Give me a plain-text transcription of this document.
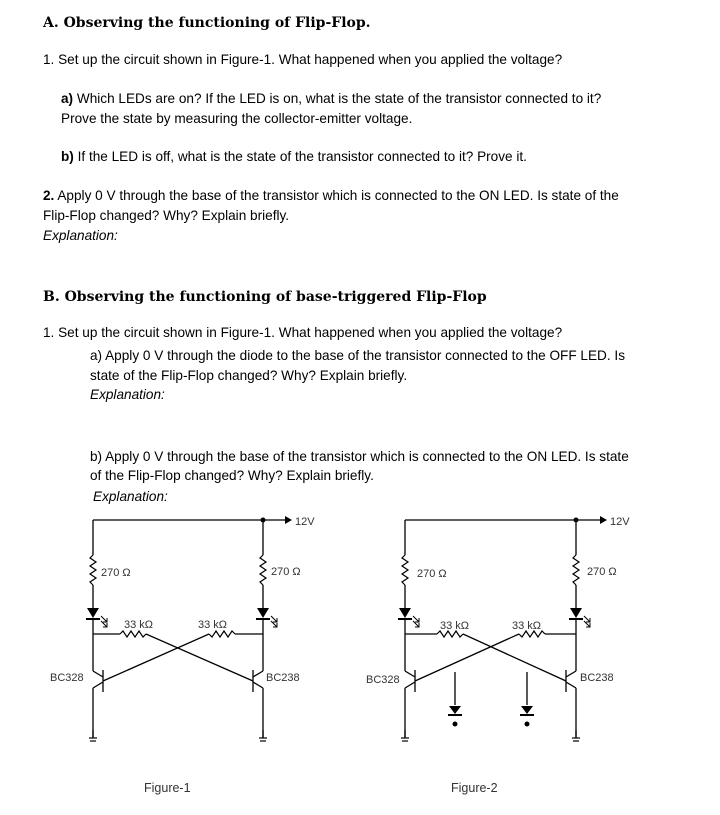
A. Observing the functioning of Flip-Flop.
1. Set up the circuit shown in Figure-1. What happened when you applied the voltage?
a) Which LEDs are on? If the LED is on, what is the state of the transistor connected to it?
Prove the state by measuring the collector-emitter voltage.
b) If the LED is off, what is the state of the transistor connected to it? Prove it.
2. Apply 0 V through the base of the transistor which is connected to the ON LED. Is state of the
Flip-Flop changed? Why? Explain briefly.
Explanation:
B. Observing the functioning of base-triggered Flip-Flop
1. Set up the circuit shown in Figure-1. What happened when you applied the voltage?
a) Apply 0 V through the diode to the base of the transistor connected to the OFF LED. Is
state of the Flip-Flop changed? Why? Explain briefly.
Explanation:
b) Apply 0 V through the base of the transistor which is connected to the ON LED. Is state
of the Flip-Flop changed? Why? Explain briefly.
Explanation:
12V
270 Ω	270 Ω
33 kΩ	33 kΩ
BC328	BC238
Figure-1
12V
270 Ω	270 Ω
33 kΩ	33 kΩ
BC328	BC238
Figure-2
